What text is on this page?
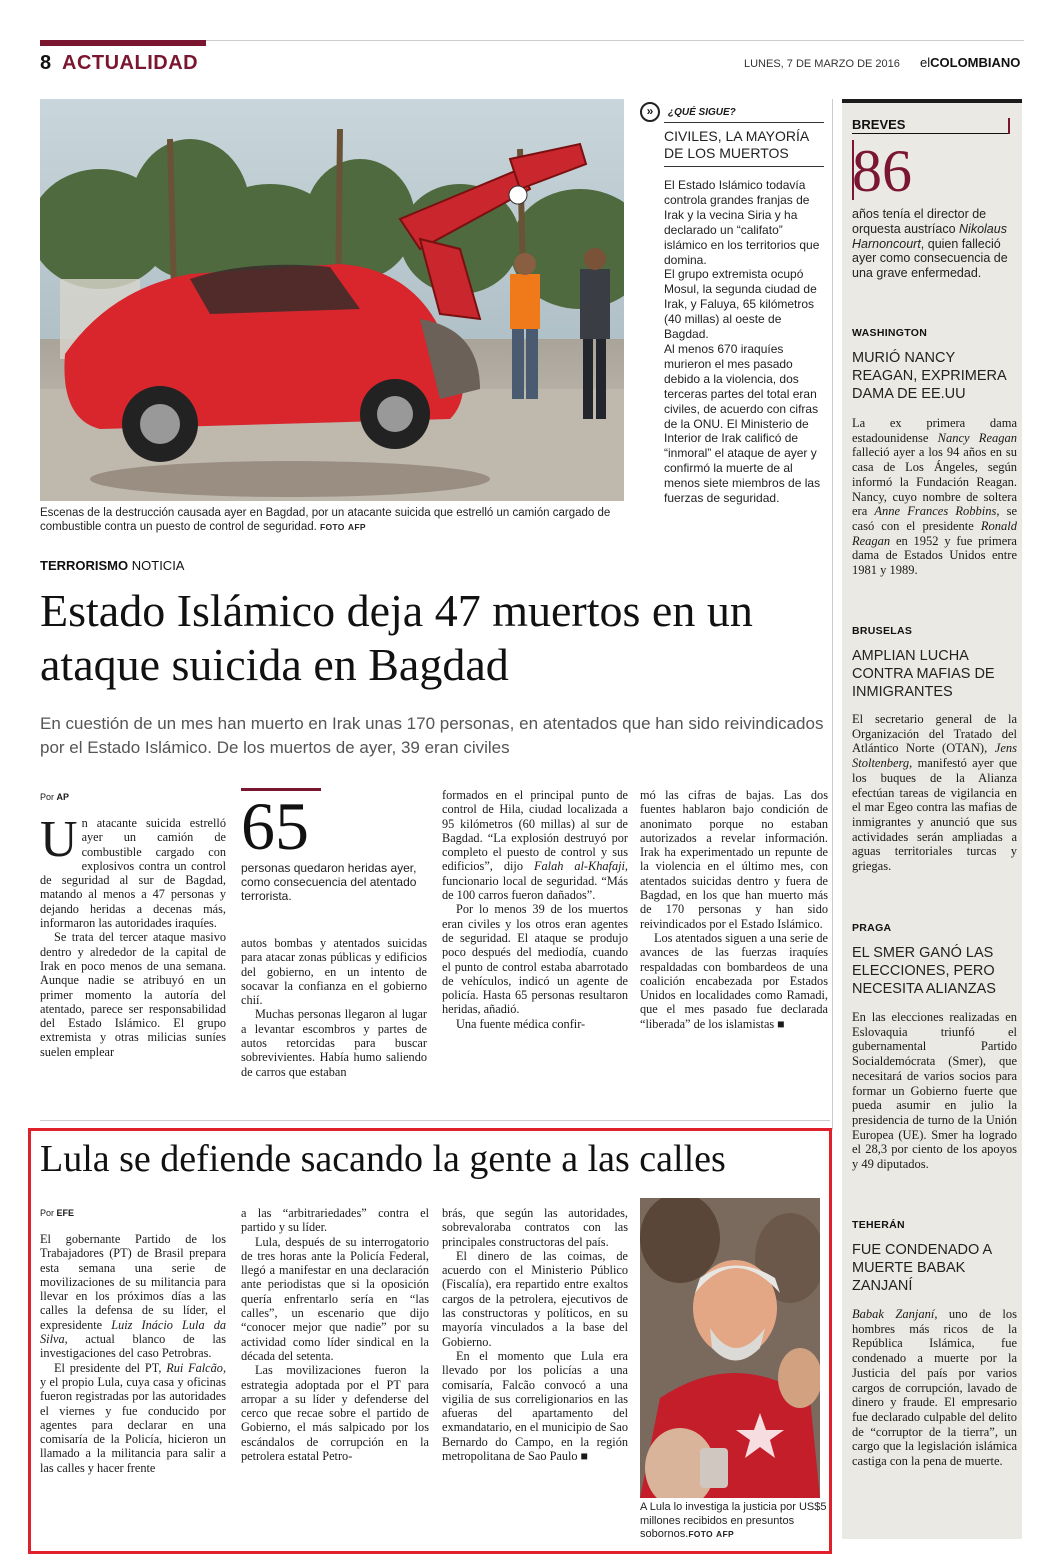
8 ACTUALIDAD	LUNES, 7 DE MARZO DE 2016 elCOLOMBIANO
Escenas de la destrucción causada ayer en Bagdad, por un atacante suicida que estrelló un camión cargado de combustible contra un puesto de control de seguridad. FOTO AFP
»	¿QUÉ SIGUE?
CIVILES, LA MAYORÍA DE LOS MUERTOS

El Estado Islámico todavía controla grandes franjas de Irak y la vecina Siria y ha declarado un “califato” islámico en los territorios que domina.

El grupo extremista ocupó Mosul, la segunda ciudad de Irak, y Faluya, 65 kilómetros (40 millas) al oeste de Bagdad.

Al menos 670 iraquíes murieron el mes pasado debido a la violencia, dos terceras partes del total eran civiles, de acuerdo con cifras de la ONU. El Ministerio de Interior de Irak calificó de “inmoral” el ataque de ayer y confirmó la muerte de al menos siete miembros de las fuerzas de seguridad.

TERRORISMO NOTICIA
Estado Islámico deja 47 muertos en un ataque suicida en Bagdad
En cuestión de un mes han muerto en Irak unas 170 personas, en atentados que han sido reivindicados por el Estado Islámico. De los muertos de ayer, 39 eran civiles
Por AP

Un atacante suicida estrelló ayer un camión de combustible cargado con explosivos contra un control de seguridad al sur de Bagdad, matando al menos a 47 personas y dejando heridas a decenas más, informaron las autoridades iraquíes.

Se trata del tercer ataque masivo dentro y alrededor de la capital de Irak en poco menos de una semana. Aunque nadie se atribuyó en un primer momento la autoría del atentado, parece ser responsabilidad del Estado Islámico. El grupo extremista y otras milicias suníes suelen emplear

65
personas quedaron heridas ayer, como consecuencia del atentado terrorista.

autos bombas y atentados suicidas para atacar zonas públicas y edificios del gobierno, en un intento de socavar la confianza en el gobierno chií.

Muchas personas llegaron al lugar a levantar escombros y partes de autos retorcidas para buscar sobrevivientes. Había humo saliendo de carros que estaban

formados en el principal punto de control de Hila, ciudad localizada a 95 kilómetros (60 millas) al sur de Bagdad. “La explosión destruyó por completo el puesto de control y sus edificios”, dijo Falah al-Khafaji, funcionario local de seguridad. “Más de 100 carros fueron dañados”.

Por lo menos 39 de los muertos eran civiles y los otros eran agentes de seguridad. El ataque se produjo poco después del mediodía, cuando el punto de control estaba abarrotado de vehículos, indicó un agente de policía. Hasta 65 personas resultaron heridas, añadió.

Una fuente médica confir-

mó las cifras de bajas. Las dos fuentes hablaron bajo condición de anonimato porque no estaban autorizados a revelar información. Irak ha experimentado un repunte de la violencia en el último mes, con atentados suicidas dentro y fuera de Bagdad, en los que han muerto más de 170 personas y han sido reivindicados por el Estado Islámico.

Los atentados siguen a una serie de avances de las fuerzas iraquíes respaldadas con bombardeos de una coalición encabezada por Estados Unidos en localidades como Ramadi, que el mes pasado fue declarada “liberada” de los islamistas ■

Lula se defiende sacando la gente a las calles
Por EFE

El gobernante Partido de los Trabajadores (PT) de Brasil prepara esta semana una serie de movilizaciones de su militancia para llevar en los próximos días a las calles la defensa de su líder, el expresidente Luiz Inácio Lula da Silva, actual blanco de las investigaciones del caso Petrobras.

El presidente del PT, Rui Falcão, y el propio Lula, cuya casa y oficinas fueron registradas por las autoridades el viernes y fue conducido por agentes para declarar en una comisaría de la Policía, hicieron un llamado a la militancia para salir a las calles y hacer frente

a las “arbitrariedades” contra el partido y su líder.

Lula, después de su interrogatorio de tres horas ante la Policía Federal, llegó a manifestar en una declaración ante periodistas que si la oposición quería enfrentarlo sería en “las calles”, un escenario que dijo “conocer mejor que nadie” por su actividad como líder sindical en la década del setenta.

Las movilizaciones fueron la estrategia adoptada por el PT para arropar a su líder y defenderse del cerco que recae sobre el partido de Gobierno, el más salpicado por los escándalos de corrupción en la petrolera estatal Petro-

brás, que según las autoridades, sobrevaloraba contratos con las principales constructoras del país.

El dinero de las coimas, de acuerdo con el Ministerio Público (Fiscalía), era repartido entre exaltos cargos de la petrolera, ejecutivos de las constructoras y políticos, en su mayoría vinculados a la base del Gobierno.

En el momento que Lula era llevado por los policías a una comisaría, Falcão convocó a una vigilia de sus correligionarios en las afueras del apartamento del exmandatario, en el municipio de Sao Bernardo do Campo, en la región metropolitana de Sao Paulo ■

A Lula lo investiga la justicia por US$5 millones recibidos en presuntos sobornos.FOTO AFP
BREVES
86
años tenía el director de orquesta austríaco Nikolaus Harnoncourt, quien falleció ayer como consecuencia de una grave enfermedad.
WASHINGTON
MURIÓ NANCY REAGAN, EXPRIMERA DAMA DE EE.UU
La ex primera dama estadounidense Nancy Reagan falleció ayer a los 94 años en su casa de Los Ángeles, según informó la Fundación Reagan. Nancy, cuyo nombre de soltera era Anne Frances Robbins, se casó con el presidente Ronald Reagan en 1952 y fue primera dama de Estados Unidos entre 1981 y 1989.
BRUSELAS
AMPLIAN LUCHA CONTRA MAFIAS DE INMIGRANTES
El secretario general de la Organización del Tratado del Atlántico Norte (OTAN), Jens Stoltenberg, manifestó ayer que los buques de la Alianza efectúan tareas de vigilancia en el mar Egeo contra las mafias de inmigrantes y anunció que sus actividades serán ampliadas a aguas territoriales turcas y griegas.
PRAGA
EL SMER GANÓ LAS ELECCIONES, PERO NECESITA ALIANZAS
En las elecciones realizadas en Eslovaquia triunfó el gubernamental Partido Socialdemócrata (Smer), que necesitará de varios socios para formar un Gobierno fuerte que pueda asumir en julio la presidencia de turno de la Unión Europea (UE). Smer ha logrado el 28,3 por ciento de los apoyos y 49 diputados.
TEHERÁN
FUE CONDENADO A MUERTE BABAK ZANJANÍ
Babak Zanjaní, uno de los hombres más ricos de la República Islámica, fue condenado a muerte por la Justicia del país por varios cargos de corrupción, lavado de dinero y fraude. El empresario fue declarado culpable del delito de “corruptor de la tierra”, un cargo que la legislación islámica castiga con la pena de muerte.
